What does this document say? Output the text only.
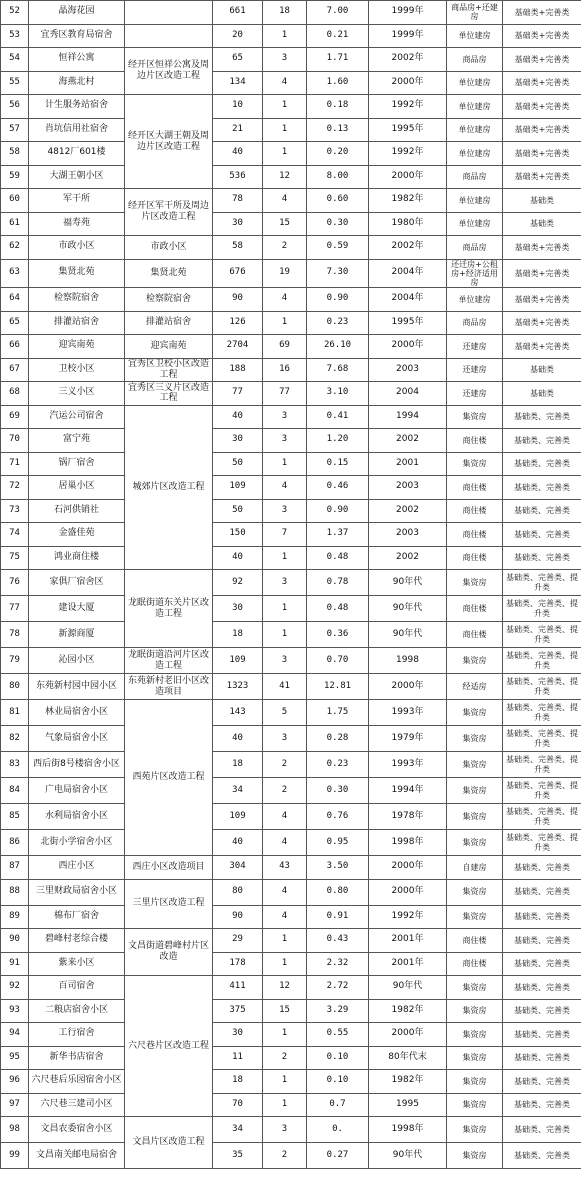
52	晶海花园		661	18	7.00	1999年	商品房+还建房	基础类+完善类
53	宜秀区教育局宿舍		20	1	0.21	1999年	单位建房	基础类+完善类
54	恒祥公寓	经开区恒祥公寓及周边片区改造工程	65	3	1.71	2002年	商品房	基础类+完善类
55	海燕北村		134	4	1.60	2000年	单位建房	基础类+完善类
56	计生服务站宿舍	经开区大湖王朝及周边片区改造工程	10	1	0.18	1992年	单位建房	基础类+完善类
57	肖坑信用社宿舍		21	1	0.13	1995年	单位建房	基础类+完善类
58	4812厂601楼		40	1	0.20	1992年	单位建房	基础类+完善类
59	大湖王朝小区		536	12	8.00	2000年	商品房	基础类+完善类
60	军干所	经开区军干所及周边片区改造工程	78	4	0.60	1982年	单位建房	基础类
61	福寿苑		30	15	0.30	1980年	单位建房	基础类
62	市政小区	市政小区	58	2	0.59	2002年	商品房	基础类+完善类
63	集贤北苑	集贤北苑	676	19	7.30	2004年	还迁房+公租房+经济适用房	基础类+完善类
64	检察院宿舍	检察院宿舍	90	4	0.90	2004年	单位建房	基础类+完善类
65	排灌站宿舍	排灌站宿舍	126	1	0.23	1995年	商品房	基础类+完善类
66	迎宾南苑	迎宾南苑	2704	69	26.10	2000年	还建房	基础类+完善类
67	卫校小区	宜秀区卫校小区改造工程	188	16	7.68	2003	还建房	基础类
68	三义小区	宜秀区三义片区改造工程	77	77	3.10	2004	还建房	基础类
69	汽运公司宿舍	城郊片区改造工程	40	3	0.41	1994	集资房	基础类、完善类
70	富宁苑		30	3	1.20	2002	商住楼	基础类、完善类
71	锅厂宿舍		50	1	0.15	2001	集资房	基础类、完善类
72	居巢小区		109	4	0.46	2003	商住楼	基础类、完善类
73	石河供销社		50	3	0.90	2002	商住楼	基础类、完善类
74	金盛佳苑		150	7	1.37	2003	商住楼	基础类、完善类
75	鸿业商住楼		40	1	0.48	2002	商住楼	基础类、完善类
76	家俱厂宿舍区	龙眠街道东关片区改造工程	92	3	0.78	90年代	集资房	基础类、完善类、提升类
77	建设大厦		30	1	0.48	90年代	商住楼	基础类、完善类、提升类
78	新源商厦		18	1	0.36	90年代	商住楼	基础类、完善类、提升类
79	沁园小区	龙眠街道沿河片区改造工程	109	3	0.70	1998	集资房	基础类、完善类、提升类
80	东苑新村园中园小区	东苑新村老旧小区改造项目	1323	41	12.81	2000年	经适房	基础类、完善类、提升类
81	林业局宿舍小区	西苑片区改造工程	143	5	1.75	1993年	集资房	基础类、完善类、提升类
82	气象局宿舍小区		40	3	0.28	1979年	集资房	基础类、完善类、提升类
83	西后街8号楼宿舍小区		18	2	0.23	1993年	集资房	基础类、完善类、提升类
84	广电局宿舍小区		34	2	0.30	1994年	集资房	基础类、完善类、提升类
85	水利局宿舍小区		109	4	0.76	1978年	集资房	基础类、完善类、提升类
86	北街小学宿舍小区		40	4	0.95	1998年	集资房	基础类、完善类、提升类
87	西庄小区	西庄小区改造项目	304	43	3.50	2000年	自建房	基础类、完善类
88	三里财政局宿舍小区	三里片区改造工程	80	4	0.80	2000年	集资房	基础类、完善类
89	棉布厂宿舍		90	4	0.91	1992年	集资房	基础类、完善类
90	碧峰村老综合楼	文昌街道碧峰村片区改造	29	1	0.43	2001年	商住楼	基础类、完善类
91	紫来小区		178	1	2.32	2001年	商住楼	基础类、完善类
92	百司宿舍	六尺巷片区改造工程	411	12	2.72	90年代	集资房	基础类、完善类
93	二粮店宿舍小区		375	15	3.29	1982年	集资房	基础类、完善类
94	工行宿舍		30	1	0.55	2000年	集资房	基础类、完善类
95	新华书店宿舍		11	2	0.10	80年代末	集资房	基础类、完善类
96	六尺巷后乐园宿舍小区		18	1	0.10	1982年	集资房	基础类、完善类
97	六尺巷三建司小区		70	1	0.7	1995	集资房	基础类、完善类
98	文昌农委宿舍小区	文昌片区改造工程	34	3	0.	1998年	集资房	基础类、完善类
99	文昌南关邮电局宿舍		35	2	0.27	90年代	集资房	基础类、完善类
